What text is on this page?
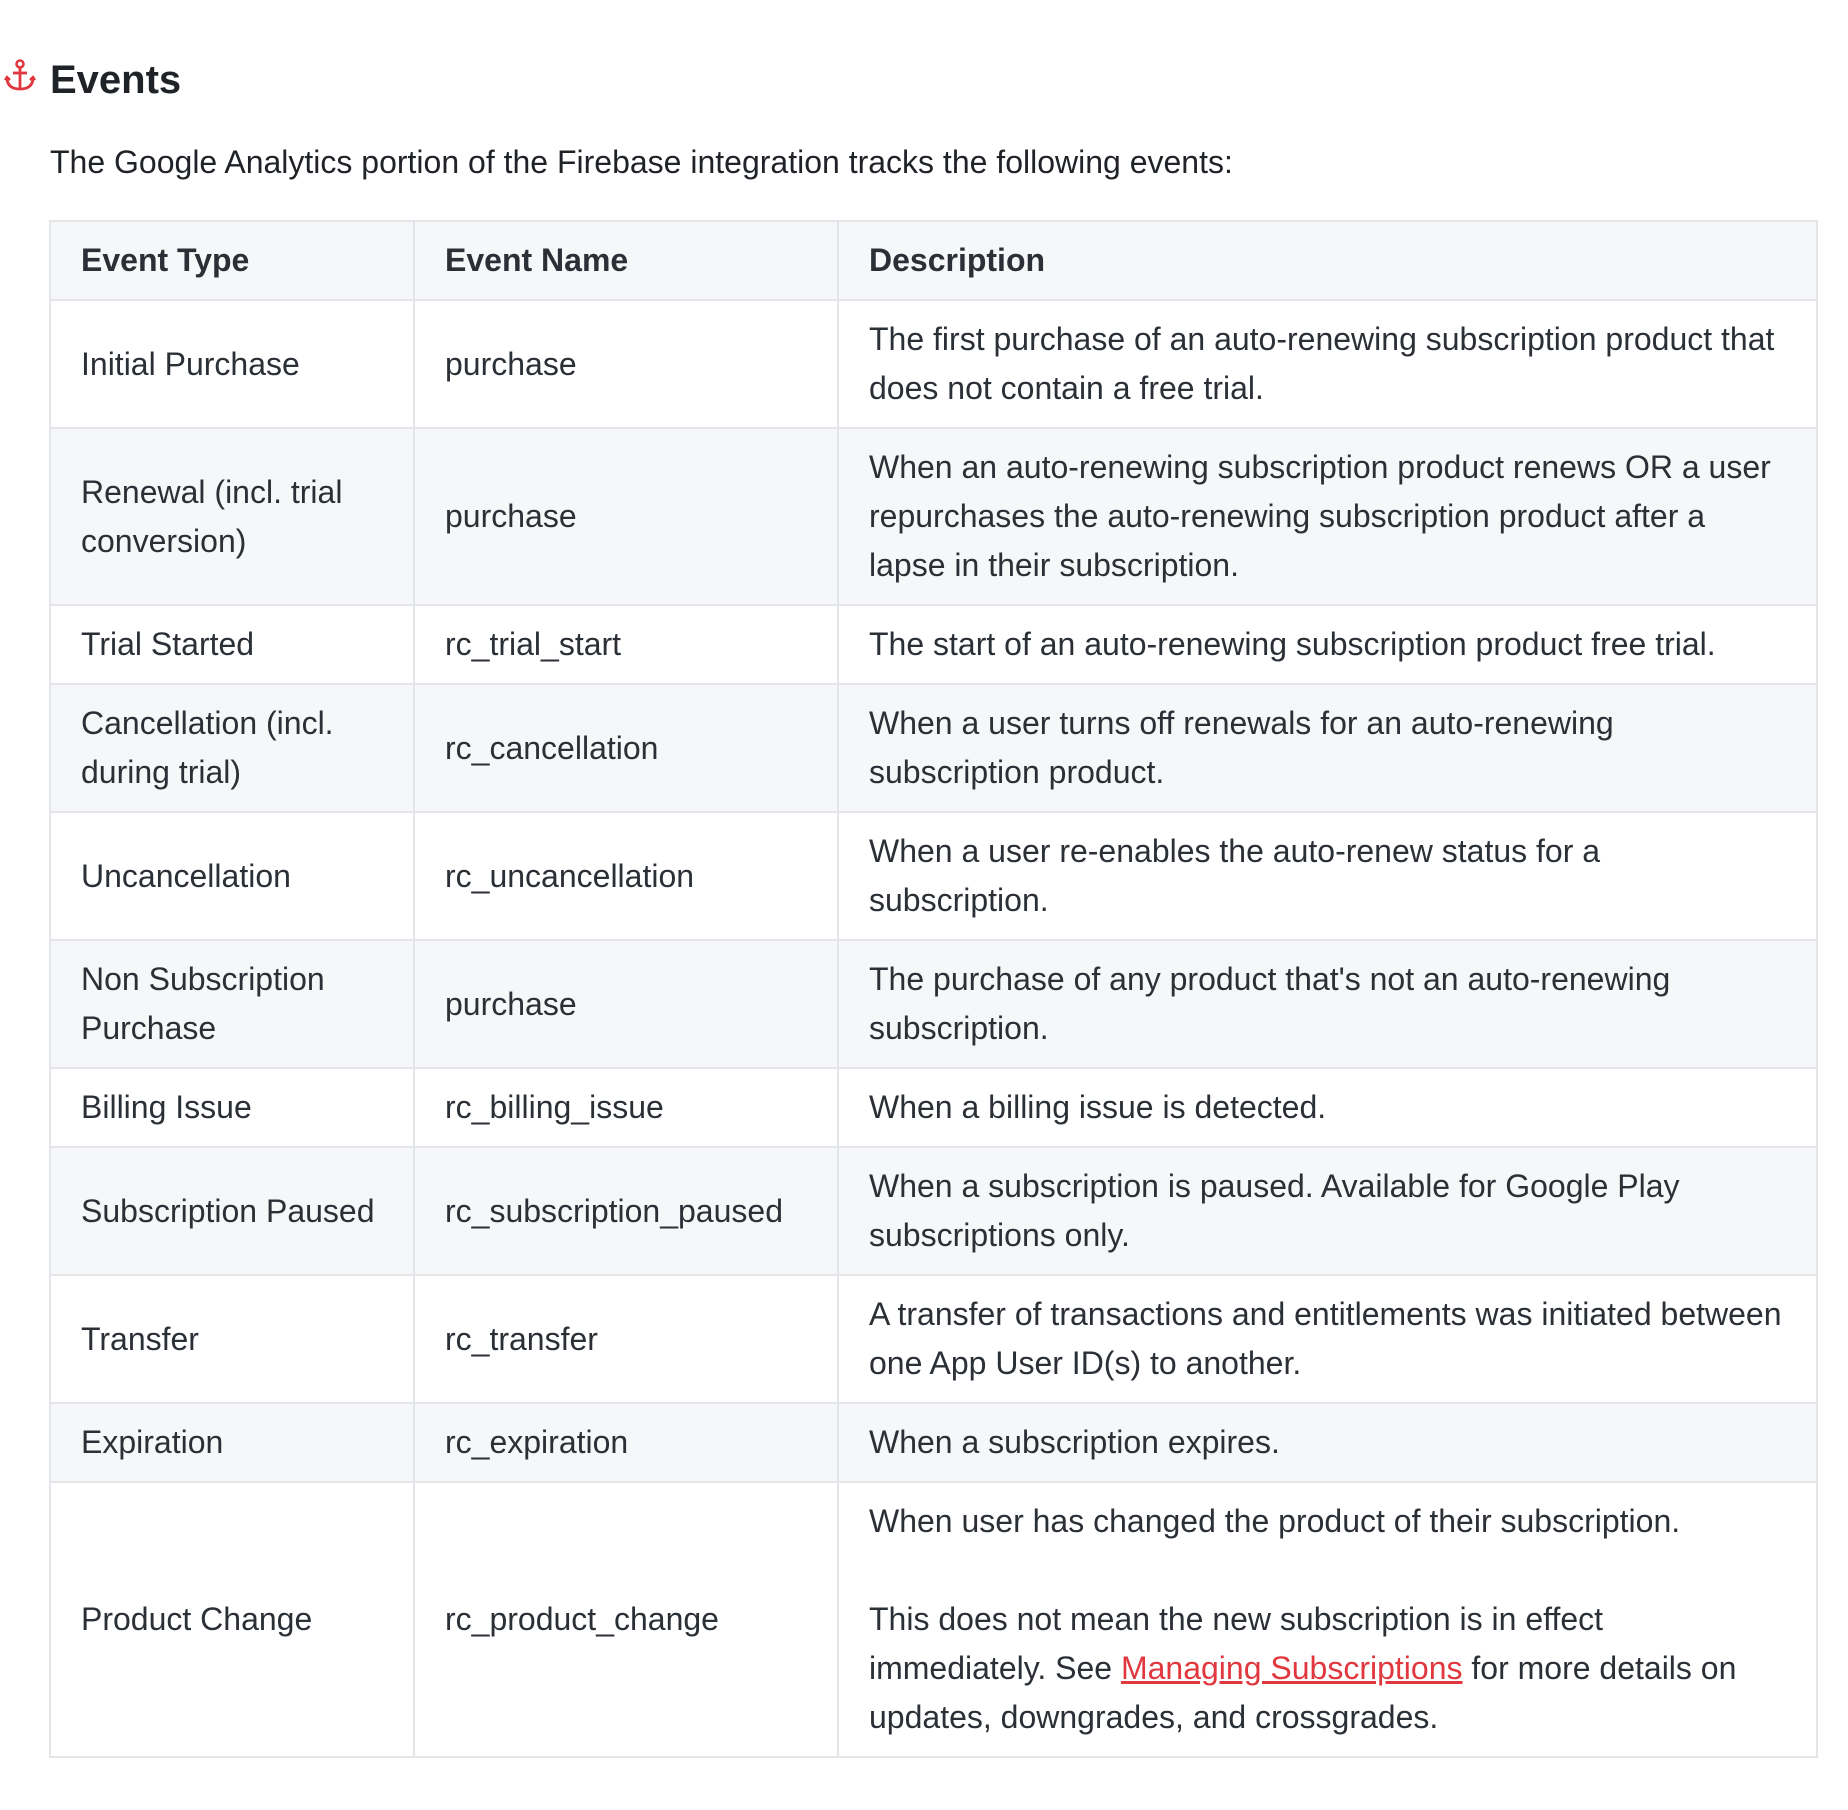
Events

The Google Analytics portion of the Firebase integration tracks the following events:

Event Type	Event Name	Description
Initial Purchase	purchase	The first purchase of an auto-renewing subscription product that does not contain a free trial.
Renewal (incl. trial conversion)	purchase	When an auto-renewing subscription product renews OR a user repurchases the auto-renewing subscription product after a lapse in their subscription.
Trial Started	rc_trial_start	The start of an auto-renewing subscription product free trial.
Cancellation (incl. during trial)	rc_cancellation	When a user turns off renewals for an auto-renewing subscription product.
Uncancellation	rc_uncancellation	When a user re-enables the auto-renew status for a subscription.
Non Subscription Purchase	purchase	The purchase of any product that's not an auto-renewing subscription.
Billing Issue	rc_billing_issue	When a billing issue is detected.
Subscription Paused	rc_subscription_paused	When a subscription is paused. Available for Google Play subscriptions only.
Transfer	rc_transfer	A transfer of transactions and entitlements was initiated between one App User ID(s) to another.
Expiration	rc_expiration	When a subscription expires.
Product Change	rc_product_change	When user has changed the product of their subscription.
This does not mean the new subscription is in effect immediately. See Managing Subscriptions for more details on updates, downgrades, and crossgrades.
